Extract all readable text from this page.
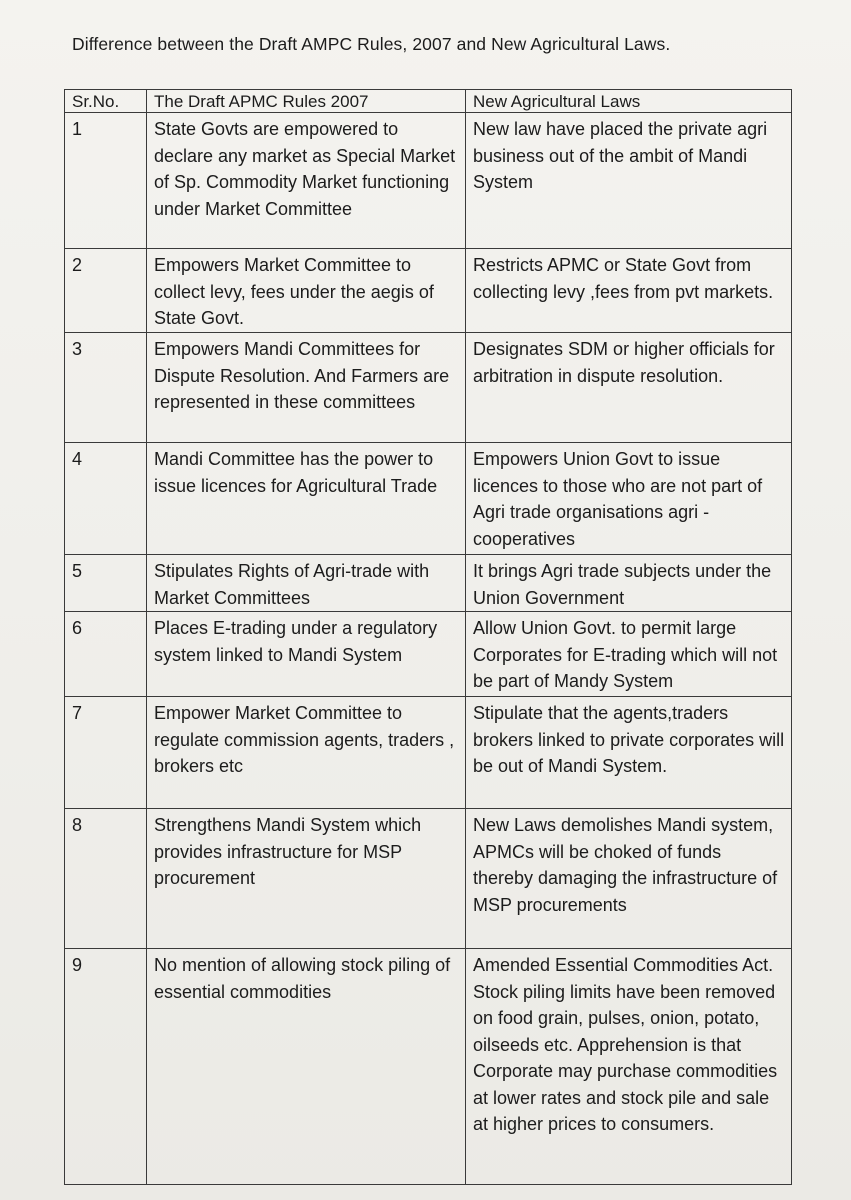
Difference between the Draft AMPC Rules, 2007 and New Agricultural Laws.
Sr.No.	The Draft APMC Rules 2007	New Agricultural Laws
1	State Govts are empowered to declare any market as Special Market of Sp. Commodity Market functioning under Market Committee	New law have placed the private agri business out of the ambit of Mandi System
2	Empowers Market Committee to collect levy, fees under the aegis of State Govt.	Restricts APMC or State Govt from collecting levy ,fees from pvt markets.
3	Empowers Mandi Committees for Dispute Resolution. And Farmers are represented in these committees	Designates SDM or higher officials for arbitration in dispute resolution.
4	Mandi Committee has the power to issue licences for Agricultural Trade	Empowers Union Govt to issue licences to those who are not part of Agri trade organisations agri -cooperatives
5	Stipulates Rights of Agri-trade with Market Committees	It brings Agri trade subjects under the Union Government
6	Places E-trading under a regulatory system linked to Mandi System	Allow Union Govt. to permit large Corporates for E-trading which will not be part of Mandy System
7	Empower Market Committee to regulate commission agents, traders , brokers etc	Stipulate that the agents,traders brokers linked to private corporates will be out of Mandi System.
8	Strengthens Mandi System which provides infrastructure for MSP procurement	New Laws demolishes Mandi system, APMCs will be choked of funds thereby damaging the infrastructure of MSP procurements
9	No mention of allowing stock piling of essential commodities	Amended Essential Commodities Act. Stock piling limits have been removed on food grain, pulses, onion, potato, oilseeds etc. Apprehension is that Corporate may purchase commodities at lower rates and stock pile and sale at higher prices to consumers.
